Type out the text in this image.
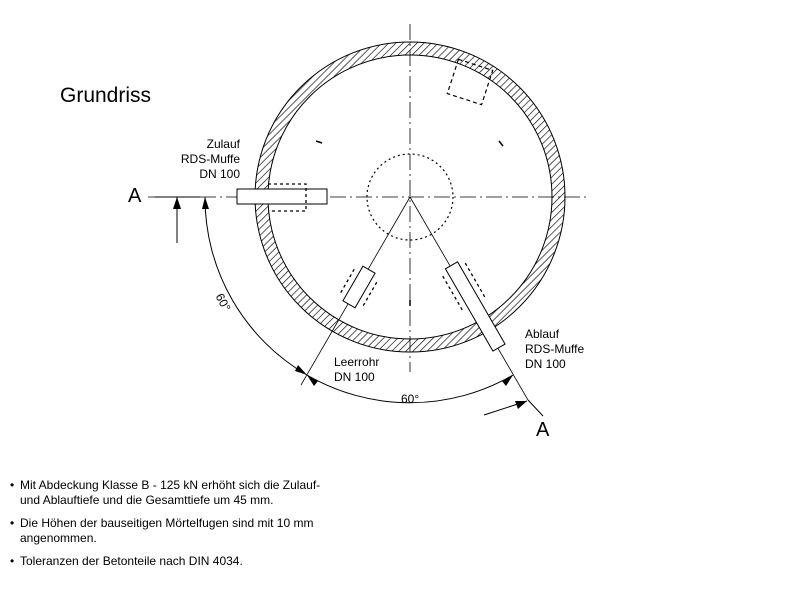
Grundriss
A
A
Zulauf
RDS-Muffe
DN 100
Ablauf
RDS-Muffe
DN 100
Leerrohr
DN 100
60°
60°
• Mit Abdeckung Klasse B - 125 kN erhöht sich die Zulauf- und Ablauftiefe und die Gesamttiefe um 45 mm.
• Die Höhen der bauseitigen Mörtelfugen sind mit 10 mm angenommen.
• Toleranzen der Betonteile nach DIN 4034.
